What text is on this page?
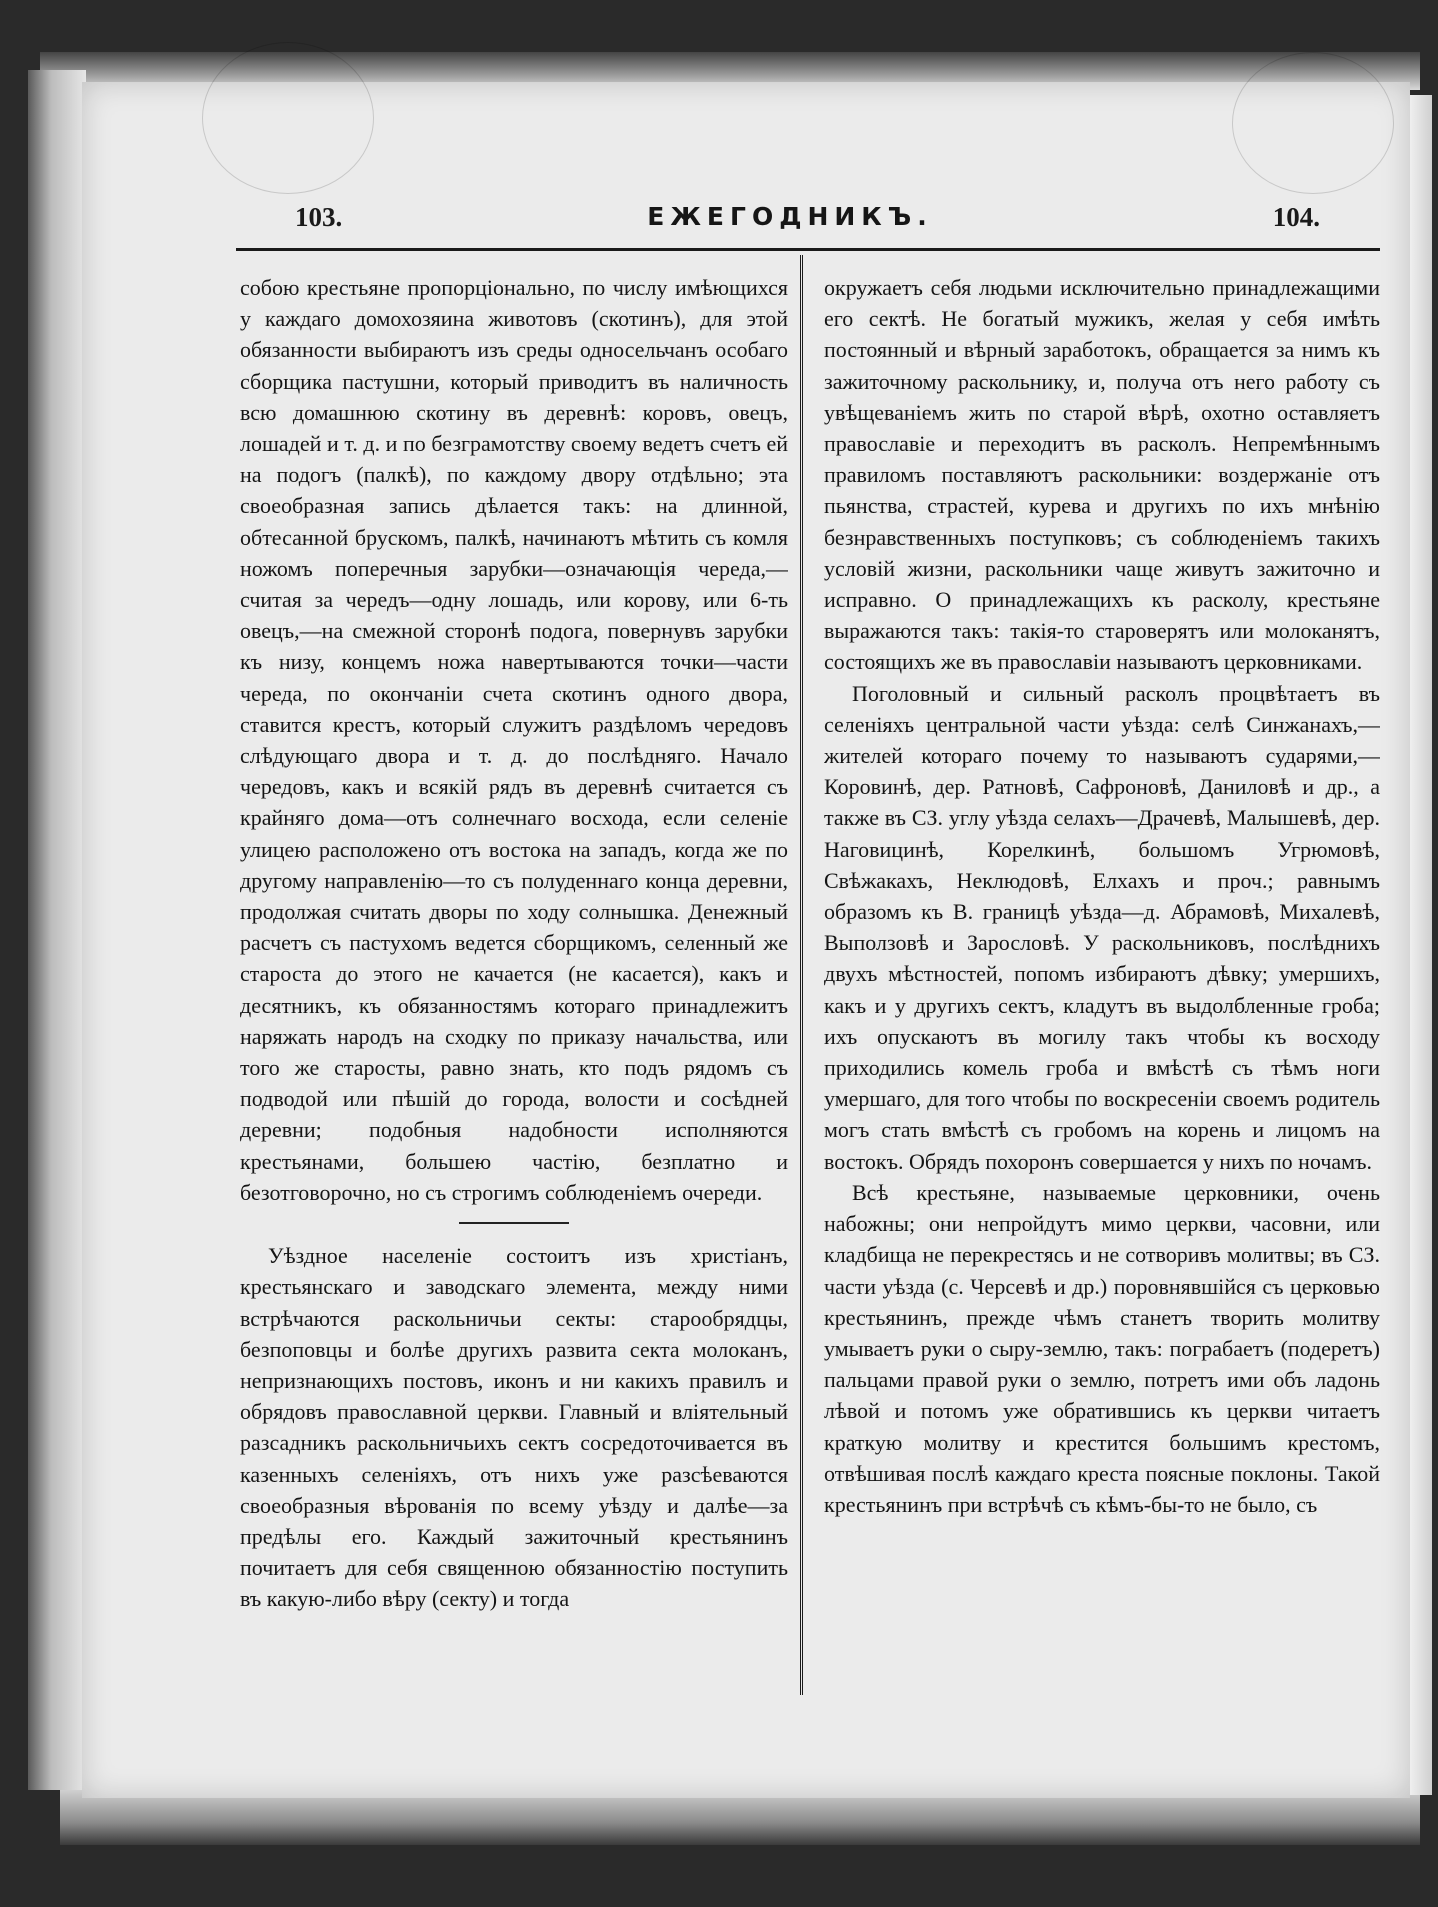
103.	ЕЖЕГОДНИКЪ.	104.

собою крестьяне пропорціонально, по числу имѣющихся у каждаго домохозяина животовъ (скотинъ), для этой обязанности выбираютъ изъ среды односельчанъ особаго сборщика пастушни, который приводитъ въ наличность всю домашнюю скотину въ деревнѣ: коровъ, овецъ, лошадей и т. д. и по безграмотству своему ведетъ счетъ ей на подогъ (палкѣ), по каждому двору отдѣльно; эта своеобразная запись дѣлается такъ: на длинной, обтесанной брускомъ, палкѣ, начинаютъ мѣтить съ комля ножомъ поперечныя зарубки—означающія череда,—считая за чередъ—одну лошадь, или корову, или 6-ть овецъ,—на смежной сторонѣ подога, повернувъ зарубки къ низу, концемъ ножа навертываются точки—части череда, по окончаніи счета скотинъ одного двора, ставится крестъ, который служитъ раздѣломъ чередовъ слѣдующаго двора и т. д. до послѣдняго. Начало чередовъ, какъ и всякій рядъ въ деревнѣ считается съ крайняго дома—отъ солнечнаго восхода, если селеніе улицею расположено отъ востока на западъ, когда же по другому направленію—то съ полуденнаго конца деревни, продолжая считать дворы по ходу солнышка. Денежный расчетъ съ пастухомъ ведется сборщикомъ, селенный же староста до этого не качается (не касается), какъ и десятникъ, къ обязанностямъ котораго принадлежитъ наряжать народъ на сходку по приказу начальства, или того же старосты, равно знать, кто подъ рядомъ съ подводой или пѣшій до города, волости и сосѣдней деревни; подобныя надобности исполняются крестьянами, большею частію, безплатно и безотговорочно, но съ строгимъ соблюденіемъ очереди.

Уѣздное населеніе состоитъ изъ христіанъ, крестьянскаго и заводскаго элемента, между ними встрѣчаются раскольничьи секты: старообрядцы, безпоповцы и болѣе другихъ развита секта молоканъ, непризнающихъ постовъ, иконъ и ни какихъ правилъ и обрядовъ православной церкви. Главный и вліятельный разсадникъ раскольничьихъ сектъ сосредоточивается въ казенныхъ селеніяхъ, отъ нихъ уже разсѣеваются своеобразныя вѣрованія по всему уѣзду и далѣе—за предѣлы его. Каждый зажиточный крестьянинъ почитаетъ для себя священною обязанностію поступить въ какую-либо вѣру (секту) и тогда

окружаетъ себя людьми исключительно принадлежащими его сектѣ. Не богатый мужикъ, желая у себя имѣть постоянный и вѣрный заработокъ, обращается за нимъ къ зажиточному раскольнику, и, получа отъ него работу съ увѣщеваніемъ жить по старой вѣрѣ, охотно оставляетъ православіе и переходитъ въ расколъ. Непремѣннымъ правиломъ поставляютъ раскольники: воздержаніе отъ пьянства, страстей, курева и другихъ по ихъ мнѣнію безнравственныхъ поступковъ; съ соблюденіемъ такихъ условій жизни, раскольники чаще живутъ зажиточно и исправно. О принадлежащихъ къ расколу, крестьяне выражаются такъ: такія-то староверятъ или молоканятъ, состоящихъ же въ православіи называютъ церковниками.

Поголовный и сильный расколъ процвѣтаетъ въ селеніяхъ центральной части уѣзда: селѣ Синжанахъ,—жителей котораго почему то называютъ сударями,—Коровинѣ, дер. Ратновѣ, Сафроновѣ, Даниловѣ и др., а также въ СЗ. углу уѣзда селахъ—Драчевѣ, Малышевѣ, дер. Наговицинѣ, Корелкинѣ, большомъ Угрюмовѣ, Свѣжакахъ, Неклюдовѣ, Елхахъ и проч.; равнымъ образомъ къ В. границѣ уѣзда—д. Абрамовѣ, Михалевѣ, Выползовѣ и Зарословѣ. У раскольниковъ, послѣднихъ двухъ мѣстностей, попомъ избираютъ дѣвку; умершихъ, какъ и у другихъ сектъ, кладутъ въ выдолбленные гроба; ихъ опускаютъ въ могилу такъ чтобы къ восходу приходились комель гроба и вмѣстѣ съ тѣмъ ноги умершаго, для того чтобы по воскресеніи своемъ родитель могъ стать вмѣстѣ съ гробомъ на корень и лицомъ на востокъ. Обрядъ похоронъ совершается у нихъ по ночамъ.

Всѣ крестьяне, называемые церковники, очень набожны; они непройдутъ мимо церкви, часовни, или кладбища не перекрестясь и не сотворивъ молитвы; въ СЗ. части уѣзда (с. Черсевѣ и др.) поровнявшійся съ церковью крестьянинъ, прежде чѣмъ станетъ творить молитву умываетъ руки о сыру-землю, такъ: пограбаетъ (подеретъ) пальцами правой руки о землю, потретъ ими объ ладонь лѣвой и потомъ уже обратившись къ церкви читаетъ краткую молитву и крестится большимъ крестомъ, отвѣшивая послѣ каждаго креста поясные поклоны. Такой крестьянинъ при встрѣчѣ съ кѣмъ-бы-то не было, съ
